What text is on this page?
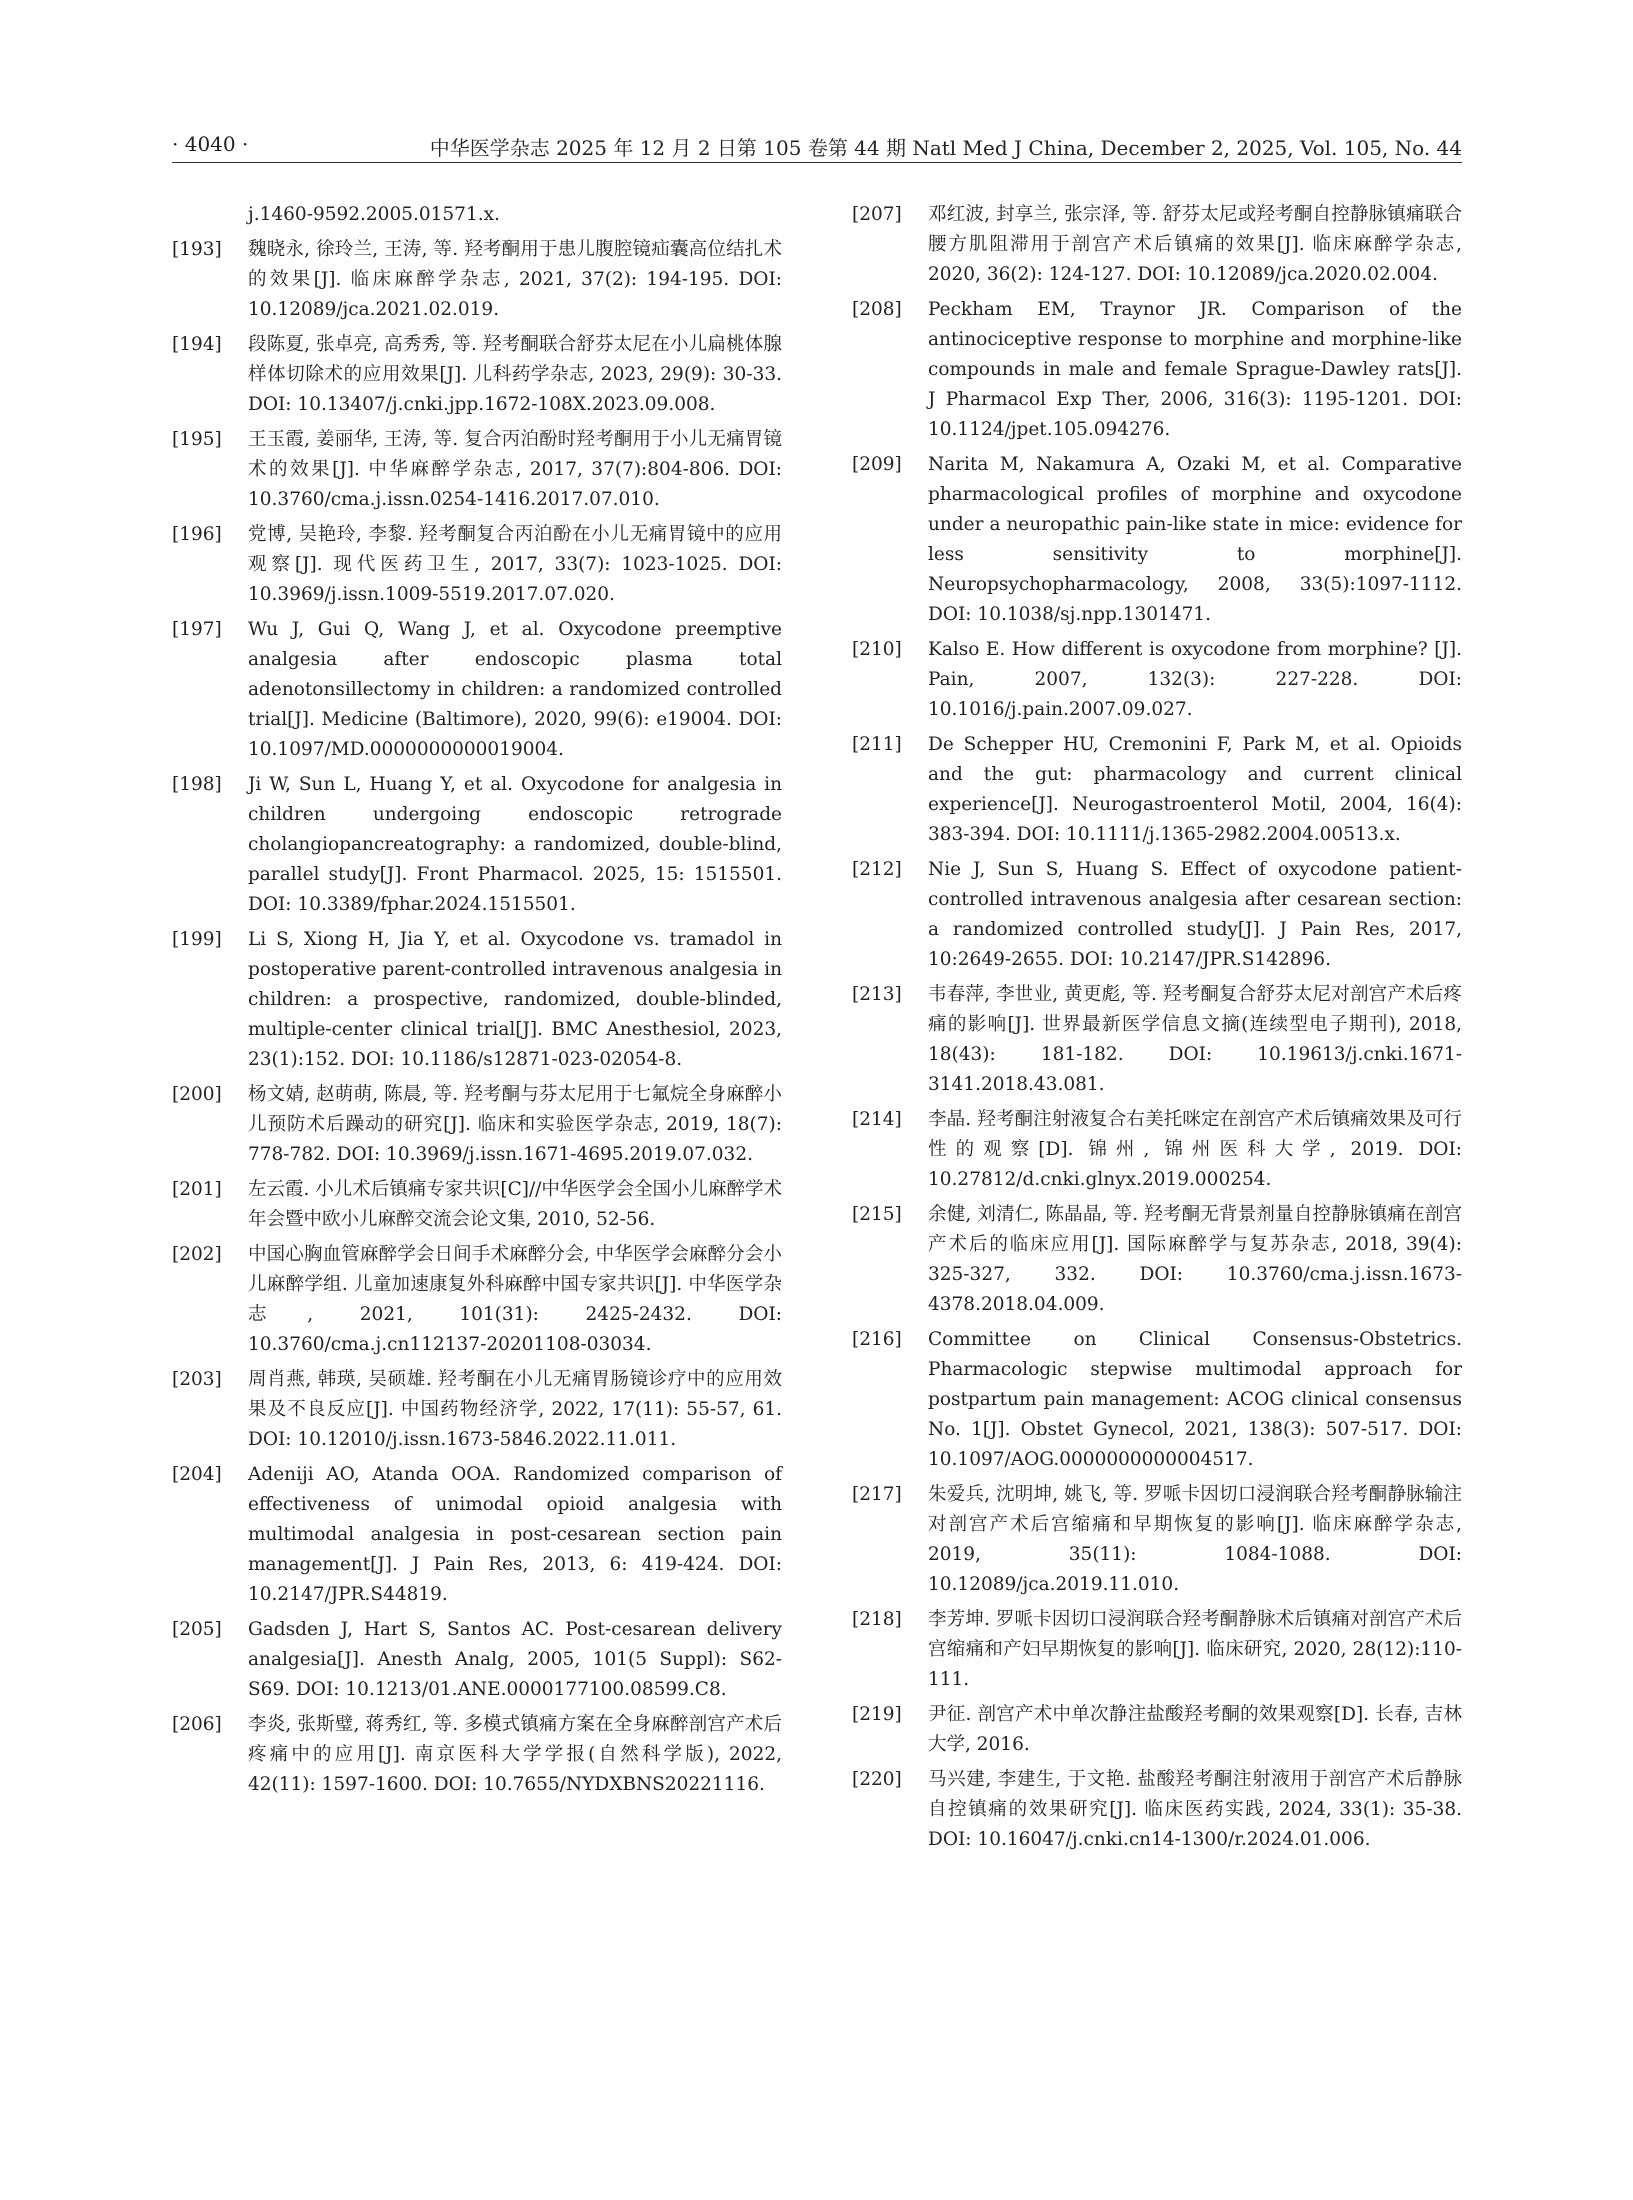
· 4040 ·	中华医学杂志 2025 年 12 月 2 日第 105 卷第 44 期 Natl Med J China, December 2, 2025, Vol. 105, No. 44
j.1460-9592.2005.01571.x.
[193] 魏晓永, 徐玲兰, 王涛, 等. 羟考酮用于患儿腹腔镜疝囊高位结扎术的效果[J]. 临床麻醉学杂志, 2021, 37(2): 194-195. DOI: 10.12089/jca.2021.02.019.
[194] 段陈夏, 张卓亮, 高秀秀, 等. 羟考酮联合舒芬太尼在小儿扁桃体腺样体切除术的应用效果[J]. 儿科药学杂志, 2023, 29(9): 30-33. DOI: 10.13407/j.cnki.jpp.1672-108X.2023.09.008.
[195] 王玉霞, 姜丽华, 王涛, 等. 复合丙泊酚时羟考酮用于小儿无痛胃镜术的效果[J]. 中华麻醉学杂志, 2017, 37(7):804-806. DOI: 10.3760/cma.j.issn.0254-1416.2017.07.010.
[196] 党博, 吴艳玲, 李黎. 羟考酮复合丙泊酚在小儿无痛胃镜中的应用观察[J]. 现代医药卫生, 2017, 33(7): 1023-1025. DOI: 10.3969/j.issn.1009-5519.2017.07.020.
[197] Wu J, Gui Q, Wang J, et al. Oxycodone preemptive analgesia after endoscopic plasma total adenotonsillectomy in children: a randomized controlled trial[J]. Medicine (Baltimore), 2020, 99(6): e19004. DOI: 10.1097/MD.0000000000019004.
[198] Ji W, Sun L, Huang Y, et al. Oxycodone for analgesia in children undergoing endoscopic retrograde cholangiopancreatography: a randomized, double-blind, parallel study[J]. Front Pharmacol. 2025, 15: 1515501. DOI: 10.3389/fphar.2024.1515501.
[199] Li S, Xiong H, Jia Y, et al. Oxycodone vs. tramadol in postoperative parent-controlled intravenous analgesia in children: a prospective, randomized, double-blinded, multiple-center clinical trial[J]. BMC Anesthesiol, 2023, 23(1):152. DOI: 10.1186/s12871-023-02054-8.
[200] 杨文婧, 赵萌萌, 陈晨, 等. 羟考酮与芬太尼用于七氟烷全身麻醉小儿预防术后躁动的研究[J]. 临床和实验医学杂志, 2019, 18(7): 778-782. DOI: 10.3969/j.issn.1671-4695.2019.07.032.
[201] 左云霞. 小儿术后镇痛专家共识[C]//中华医学会全国小儿麻醉学术年会暨中欧小儿麻醉交流会论文集, 2010, 52-56.
[202] 中国心胸血管麻醉学会日间手术麻醉分会, 中华医学会麻醉分会小儿麻醉学组. 儿童加速康复外科麻醉中国专家共识[J]. 中华医学杂志, 2021, 101(31): 2425-2432. DOI: 10.3760/cma.j.cn112137-20201108-03034.
[203] 周肖燕, 韩瑛, 吴硕雄. 羟考酮在小儿无痛胃肠镜诊疗中的应用效果及不良反应[J]. 中国药物经济学, 2022, 17(11): 55-57, 61. DOI: 10.12010/j.issn.1673-5846.2022.11.011.
[204] Adeniji AO, Atanda OOA. Randomized comparison of effectiveness of unimodal opioid analgesia with multimodal analgesia in post-cesarean section pain management[J]. J Pain Res, 2013, 6: 419-424. DOI: 10.2147/JPR.S44819.
[205] Gadsden J, Hart S, Santos AC. Post-cesarean delivery analgesia[J]. Anesth Analg, 2005, 101(5 Suppl): S62-S69. DOI: 10.1213/01.ANE.0000177100.08599.C8.
[206] 李炎, 张斯璧, 蒋秀红, 等. 多模式镇痛方案在全身麻醉剖宫产术后疼痛中的应用[J]. 南京医科大学学报(自然科学版), 2022, 42(11): 1597-1600. DOI: 10.7655/NYDXBNS20221116.
[207] 邓红波, 封享兰, 张宗泽, 等. 舒芬太尼或羟考酮自控静脉镇痛联合腰方肌阻滞用于剖宫产术后镇痛的效果[J]. 临床麻醉学杂志, 2020, 36(2): 124-127. DOI: 10.12089/jca.2020.02.004.
[208] Peckham EM, Traynor JR. Comparison of the antinociceptive response to morphine and morphine-like compounds in male and female Sprague-Dawley rats[J]. J Pharmacol Exp Ther, 2006, 316(3): 1195-1201. DOI: 10.1124/jpet.105.094276.
[209] Narita M, Nakamura A, Ozaki M, et al. Comparative pharmacological profiles of morphine and oxycodone under a neuropathic pain-like state in mice: evidence for less sensitivity to morphine[J]. Neuropsychopharmacology, 2008, 33(5):1097-1112. DOI: 10.1038/sj.npp.1301471.
[210] Kalso E. How different is oxycodone from morphine? [J]. Pain, 2007, 132(3): 227-228. DOI: 10.1016/j.pain.2007.09.027.
[211] De Schepper HU, Cremonini F, Park M, et al. Opioids and the gut: pharmacology and current clinical experience[J]. Neurogastroenterol Motil, 2004, 16(4): 383-394. DOI: 10.1111/j.1365-2982.2004.00513.x.
[212] Nie J, Sun S, Huang S. Effect of oxycodone patient-controlled intravenous analgesia after cesarean section: a randomized controlled study[J]. J Pain Res, 2017, 10:2649-2655. DOI: 10.2147/JPR.S142896.
[213] 韦春萍, 李世业, 黄更彪, 等. 羟考酮复合舒芬太尼对剖宫产术后疼痛的影响[J]. 世界最新医学信息文摘(连续型电子期刊), 2018, 18(43): 181-182. DOI: 10.19613/j.cnki.1671-3141.2018.43.081.
[214] 李晶. 羟考酮注射液复合右美托咪定在剖宫产术后镇痛效果及可行性的观察[D]. 锦州, 锦州医科大学, 2019. DOI: 10.27812/d.cnki.glnyx.2019.000254.
[215] 余健, 刘清仁, 陈晶晶, 等. 羟考酮无背景剂量自控静脉镇痛在剖宫产术后的临床应用[J]. 国际麻醉学与复苏杂志, 2018, 39(4): 325-327, 332. DOI: 10.3760/cma.j.issn.1673-4378.2018.04.009.
[216] Committee on Clinical Consensus-Obstetrics. Pharmacologic stepwise multimodal approach for postpartum pain management: ACOG clinical consensus No. 1[J]. Obstet Gynecol, 2021, 138(3): 507-517. DOI: 10.1097/AOG.0000000000004517.
[217] 朱爱兵, 沈明坤, 姚飞, 等. 罗哌卡因切口浸润联合羟考酮静脉输注对剖宫产术后宫缩痛和早期恢复的影响[J]. 临床麻醉学杂志, 2019, 35(11): 1084-1088. DOI: 10.12089/jca.2019.11.010.
[218] 李芳坤. 罗哌卡因切口浸润联合羟考酮静脉术后镇痛对剖宫产术后宫缩痛和产妇早期恢复的影响[J]. 临床研究, 2020, 28(12):110-111.
[219] 尹征. 剖宫产术中单次静注盐酸羟考酮的效果观察[D]. 长春, 吉林大学, 2016.
[220] 马兴建, 李建生, 于文艳. 盐酸羟考酮注射液用于剖宫产术后静脉自控镇痛的效果研究[J]. 临床医药实践, 2024, 33(1): 35-38. DOI: 10.16047/j.cnki.cn14-1300/r.2024.01.006.
